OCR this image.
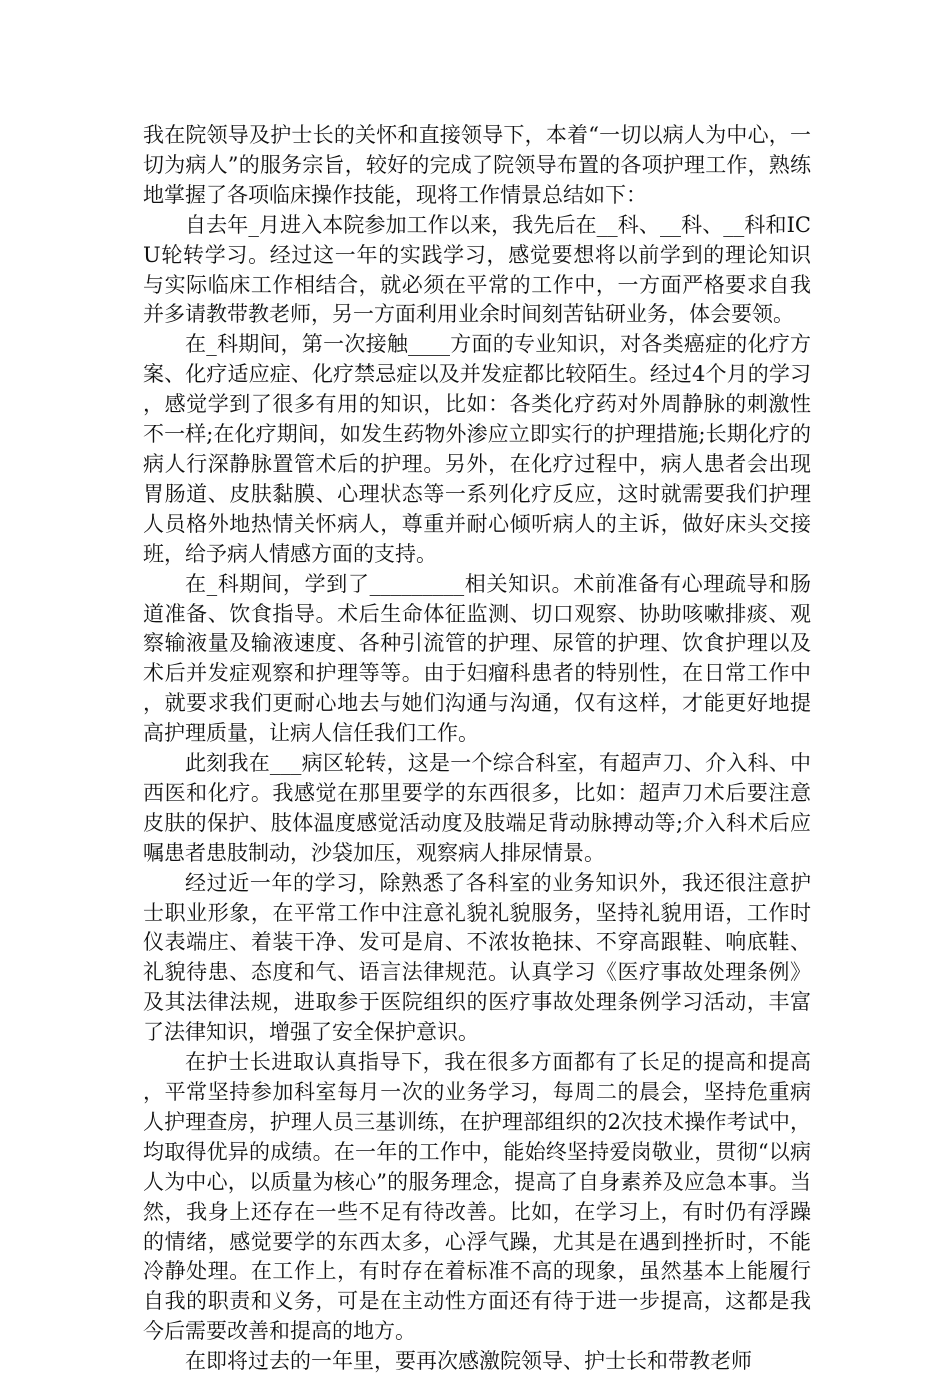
我在院领导及护士长的关怀和直接领导下，本着“一切以病人为中心，一切为病人”的服务宗旨，较好的完成了院领导布置的各项护理工作，熟练地掌握了各项临床操作技能，现将工作情景总结如下：

自去年_月进入本院参加工作以来，我先后在__科、__科、__科和ICU轮转学习。经过这一年的实践学习，感觉要想将以前学到的理论知识与实际临床工作相结合，就必须在平常的工作中，一方面严格要求自我并多请教带教老师，另一方面利用业余时间刻苦钻研业务，体会要领。

在_科期间，第一次接触____方面的专业知识，对各类癌症的化疗方案、化疗适应症、化疗禁忌症以及并发症都比较陌生。经过4个月的学习，感觉学到了很多有用的知识，比如：各类化疗药对外周静脉的刺激性不一样;在化疗期间，如发生药物外渗应立即实行的护理措施;长期化疗的病人行深静脉置管术后的护理。另外，在化疗过程中，病人患者会出现胃肠道、皮肤黏膜、心理状态等一系列化疗反应，这时就需要我们护理人员格外地热情关怀病人，尊重并耐心倾听病人的主诉，做好床头交接班，给予病人情感方面的支持。

在_科期间，学到了_________相关知识。术前准备有心理疏导和肠道准备、饮食指导。术后生命体征监测、切口观察、协助咳嗽排痰、观察输液量及输液速度、各种引流管的护理、尿管的护理、饮食护理以及术后并发症观察和护理等等。由于妇瘤科患者的特别性，在日常工作中，就要求我们更耐心地去与她们沟通与沟通，仅有这样，才能更好地提高护理质量，让病人信任我们工作。

此刻我在___病区轮转，这是一个综合科室，有超声刀、介入科、中西医和化疗。我感觉在那里要学的东西很多，比如：超声刀术后要注意皮肤的保护、肢体温度感觉活动度及肢端足背动脉搏动等;介入科术后应嘱患者患肢制动，沙袋加压，观察病人排尿情景。

经过近一年的学习，除熟悉了各科室的业务知识外，我还很注意护士职业形象，在平常工作中注意礼貌礼貌服务，坚持礼貌用语，工作时仪表端庄、着装干净、发可是肩、不浓妆艳抹、不穿高跟鞋、响底鞋、礼貌待患、态度和气、语言法律规范。认真学习《医疗事故处理条例》及其法律法规，进取参于医院组织的医疗事故处理条例学习活动，丰富了法律知识，增强了安全保护意识。

在护士长进取认真指导下，我在很多方面都有了长足的提高和提高，平常坚持参加科室每月一次的业务学习，每周二的晨会，坚持危重病人护理查房，护理人员三基训练，在护理部组织的2次技术操作考试中，均取得优异的成绩。在一年的工作中，能始终坚持爱岗敬业，贯彻“以病人为中心，以质量为核心”的服务理念，提高了自身素养及应急本事。当然，我身上还存在一些不足有待改善。比如，在学习上，有时仍有浮躁的情绪，感觉要学的东西太多，心浮气躁，尤其是在遇到挫折时，不能冷静处理。在工作上，有时存在着标准不高的现象，虽然基本上能履行自我的职责和义务，可是在主动性方面还有待于进一步提高，这都是我今后需要改善和提高的地方。

在即将过去的一年里，要再次感激院领导、护士长和带教老师
